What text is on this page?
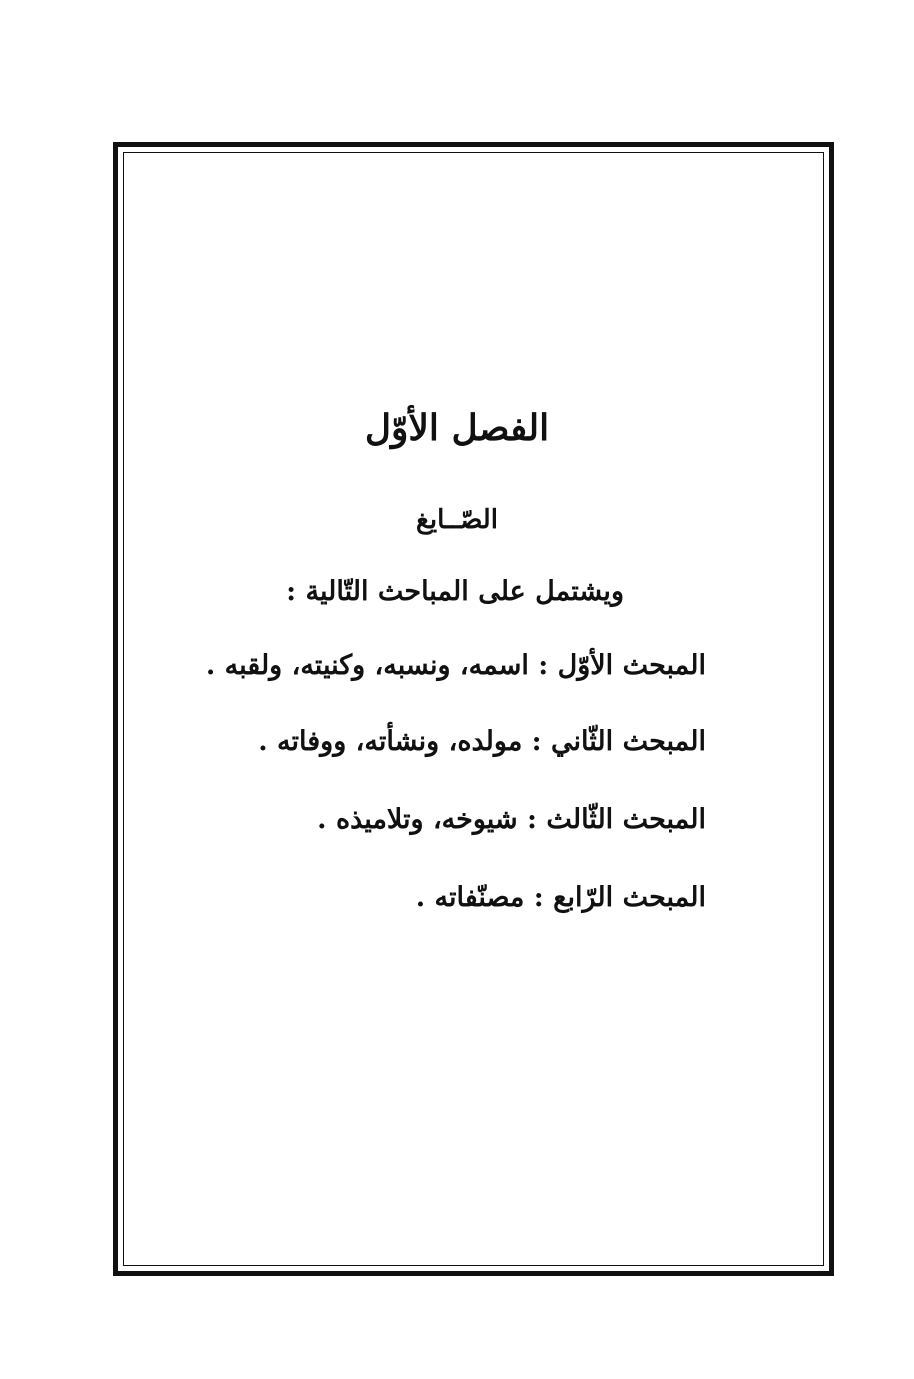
الفصل الأوّل
الصّــايغ
ويشتمل على المباحث التّالية :
المبحث الأوّل : اسمه، ونسبه، وكنيته، ولقبه .
المبحث الثّاني : مولده، ونشأته، ووفاته .
المبحث الثّالث : شيوخه، وتلاميذه .
المبحث الرّابع : مصنّفاته .
